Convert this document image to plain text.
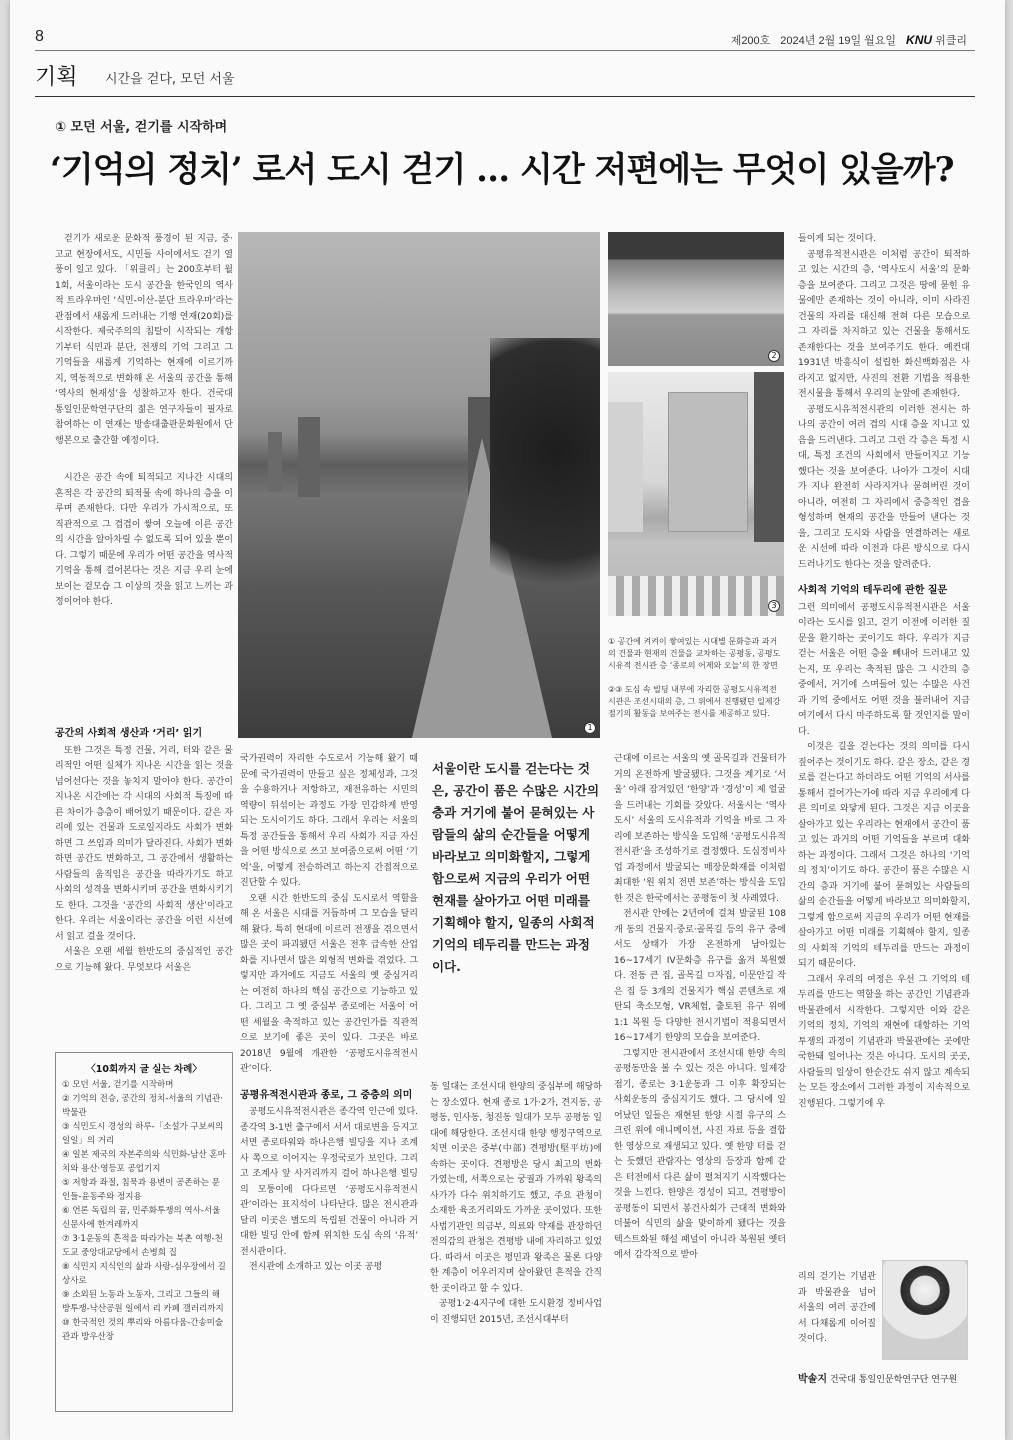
8	제200호 2024년 2월 19일 월요일 KNU 위클리
기획 시간을 걷다, 모던 서울
① 모던 서울, 걷기를 시작하며
‘기억의 정치’ 로서 도시 걷기 … 시간 저편에는 무엇이 있을까?

걷기가 새로운 문화적 풍경이 된 지금, 중·고교 현장에서도, 시민들 사이에서도 걷기 열풍이 일고 있다. 「위클리」는 200호부터 월 1회, 서울이라는 도시 공간을 한국인의 역사적 트라우마인 ‘식민-이산-분단 트라우마’라는 관점에서 새롭게 드러내는 기행 연재(20회)를 시작한다. 제국주의의 침탈이 시작되는 개항기부터 식민과 분단, 전쟁의 기억 그리고 그 기억들을 새롭게 기억하는 현재에 이르기까지, 역동적으로 변화해 온 서울의 공간을 통해 ‘역사의 현재성’을 성찰하고자 한다. 건국대 통일인문학연구단의 젊은 연구자들이 필자로 참여하는 이 연재는 방송대출판문화원에서 단행본으로 출간할 예정이다.

시간은 공간 속에 퇴적되고 지나간 시대의 흔적은 각 공간의 퇴적물 속에 하나의 층을 이루며 존재한다. 다만 우리가 가시적으로, 또 직관적으로 그 겹겹이 쌓여 오늘에 이른 공간의 시간을 알아차릴 수 없도록 되어 있을 뿐이다. 그렇기 때문에 우리가 어떤 공간을 역사적 기억을 통해 걸어본다는 것은 지금 우리 눈에 보이는 겉모습 그 이상의 것을 읽고 느끼는 과정이어야 한다.

공간의 사회적 생산과 ‘거리’ 읽기

또한 그것은 특정 건물, 거리, 터와 같은 물리적인 어떤 실체가 지나온 시간을 읽는 것을 넘어선다는 것을 놓치지 말아야 한다. 공간이 지나온 시간에는 각 시대의 사회적 특징에 따른 차이가 층층이 배어있기 때문이다. 같은 자리에 있는 건물과 도로일지라도 사회가 변화하면 그 쓰임과 의미가 달라진다. 사회가 변화하면 공간도 변화하고, 그 공간에서 생활하는 사람들의 움직임은 공간을 따라가기도 하고 사회의 성격을 변화시키며 공간을 변화시키기도 한다. 그것을 ‘공간의 사회적 생산’이라고 한다. 우리는 서울이라는 공간을 이런 시선에서 읽고 걸을 것이다.

서울은 오랜 세월 한반도의 중심적인 공간으로 기능해 왔다. 무엇보다 서울은

〈10회까지 글 실는 차례〉
① 모던 서울, 걷기를 시작하며
② 기억의 전승, 공간의 정치-서울의 기념관·박물관
③ 식민도시 경성의 하루-「소설가 구보씨의 일일」의 거리
④ 일본 제국의 자본주의와 식민화-남산 혼마치와 용산·영등포 공업기지
⑤ 저항과 좌절, 침묵과 용변이 공존하는 문인들-윤동주와 정지용
⑥ 언론 독립의 꿈, 민주화투쟁의 역사-서울신문사에 한겨레까지
⑦ 3·1운동의 흔적을 따라가는 북촌 여행-천도교 중앙대교당에서 손병희 집
⑧ 식민지 지식인의 삶과 사랑-심우장에서 길상사로
⑨ 소외된 노동과 노동자, 그리고 그들의 해방투쟁-낙산공원 일에서 리 카페 갤러리까지
⑩ 한국적인 것의 뿌리와 아름다움-간송미술관과 방우산장
1
2
3
① 공간에 켜켜이 쌓여있는 시대별 문화층과 과거의 건물과 현재의 건물을 교차하는 공평동, 공평도시유적 전시관 층 ‘종로의 어제와 오늘’의 한 장면
②③ 도심 속 빌딩 내부에 자리한 공평도시유적전시관은 조선시대의 층, 그 위에서 진행됐던 일제강점기의 활동을 보여주는 전시를 제공하고 있다.

국가권력이 자리한 수도로서 기능해 왔기 때문에 국가권력이 만들고 싶은 정체성과, 그것을 수용하거나 저항하고, 재전유하는 시민의 역량이 뒤섞이는 과정도 가장 민감하게 반영되는 도시이기도 하다. 그래서 우리는 서울의 특정 공간들을 통해서 우리 사회가 지금 자신을 어떤 방식으로 쓰고 보여줌으로써 어떤 ‘기억’을, 어떻게 전승하려고 하는지 간접적으로 진단할 수 있다.

오랜 시간 한반도의 중심 도시로서 역할을 해 온 서울은 시대를 거듭하며 그 모습을 달리해 왔다. 특히 현대에 이르러 전쟁을 겪으면서 많은 곳이 파괴됐던 서울은 전후 급속한 산업화를 지나면서 많은 외형적 변화를 겪었다. 그렇지만 과거에도 지금도 서울의 옛 중심거리는 여전히 하나의 핵심 공간으로 기능하고 있다. 그리고 그 옛 중심부 종로에는 서울이 어떤 세월을 축적하고 있는 공간인가를 직관적으로 보기에 좋은 곳이 있다. 그곳은 바로 2018년 9월에 개관한 ‘공평도시유적전시관’이다.

공평유적전시관과 종로, 그 중층의 의미

공평도시유적전시관은 종각역 인근에 있다. 종각역 3-1번 출구에서 서서 대로변을 등지고 서면 종로타워와 하나은행 빌딩을 지나 조계사 쪽으로 이어지는 우정국로가 보인다. 그리고 조계사 앞 사거리까지 걸어 하나은행 빌딩의 모퉁이에 다다르면 ‘공평도시유적전시관’이라는 표지석이 나타난다. 많은 전시관과 달리 이곳은 별도의 독립된 건물이 아니라 거대한 빌딩 안에 함께 위치한 도심 속의 ‘유적’ 전시관이다.

전시관에 소개하고 있는 이곳 공평

서울이란 도시를 걷는다는 것은, 공간이 품은 수많은 시간의 층과 거기에 붙어 묻혀있는 사람들의 삶의 순간들을 어떻게 바라보고 의미화할지, 그렇게 함으로써 지금의 우리가 어떤 현재를 살아가고 어떤 미래를 기획해야 할지, 일종의 사회적 기억의 테두리를 만드는 과정이다.

동 일대는 조선시대 한양의 중심부에 해당하는 장소였다. 현재 종로 1가·2가, 견지동, 공평동, 인사동, 청진동 일대가 모두 공평동 일대에 해당한다. 조선시대 한양 행정구역으로 치면 이곳은 중부(中部) 견평방(堅平坊)에 속하는 곳이다. 견평방은 당시 최고의 번화가였는데, 서쪽으로는 궁궐과 가까워 왕족의 사가가 다수 위치하기도 했고, 주요 관청이 소재한 육조거리와도 가까운 곳이었다. 또한 사법기관인 의금부, 의료와 약재를 관장하던 전의감의 관청은 견평방 내에 자리하고 있었다. 따라서 이곳은 평민과 왕족은 물론 다양한 계층이 어우러지며 살아왔던 흔적을 간직한 곳이라고 할 수 있다.

공평1·2·4지구에 대한 도시환경 정비사업이 진행되던 2015년, 조선시대부터

근대에 이르는 서울의 옛 골목길과 건물터가 거의 온전하게 발굴됐다. 그것을 계기로 ‘서울’ 아래 잠겨있던 ‘한양’과 ‘경성’이 제 얼굴을 드러내는 기회를 갖았다. 서울시는 ‘역사도시’ 서울의 도시유적과 기억을 바로 그 자리에 보존하는 방식을 도입해 ‘공평도시유적전시관’을 조성하기로 결정했다. 도심정비사업 과정에서 발굴되는 매장문화재를 이처럼 최대한 ‘원 위치 전면 보존’하는 방식을 도입한 것은 한국에서는 공평동이 첫 사례였다.

전시관 안에는 2년여에 걸쳐 발굴된 108개 동의 건물지·중로·골목길 등의 유구 중에서도 상태가 가장 온전하게 남아있는 16~17세기 IV문화층 유구를 옮겨 복원했다. 전동 큰 집, 골목길 ㅁ자집, 이문안길 작은 집 등 3개의 건물지가 핵심 콘텐츠로 재탄되 축소모형, VR체험, 출토된 유구 위에 1:1 복원 등 다양한 전시기법이 적용되면서 16~17세기 한양의 모습을 보여준다.

그렇지만 전시관에서 조선시대 한양 속의 공평동만을 볼 수 있는 것은 아니다. 일제강점기, 종로는 3·1운동과 그 이후 확장되는 사회운동의 중심지기도 했다. 그 당시에 일어났던 일들은 재현된 한양 시절 유구의 스크린 위에 애니메이션, 사진 자료 등을 결합한 영상으로 재생되고 있다. 옛 한양 터를 걷는 듯했던 관람자는 영상의 등장과 함께 같은 터전에서 다른 삶이 펼쳐지기 시작했다는 것을 느낀다. 한양은 경성이 되고, 견평방이 공평동이 되면서 봉건사회가 근대적 변화와 더불어 식민의 삶을 맞이하게 됐다는 것을 텍스트화된 해설 패널이 아니라 복원된 옛터에서 감각적으로 받아

들이게 되는 것이다.

공평유적전시관은 이처럼 공간이 퇴적하고 있는 시간의 층, ‘역사도시 서울’의 문화층을 보여준다. 그리고 그것은 땅에 묻힌 유물에만 존재하는 것이 아니라, 이미 사라진 건물의 자리를 대신해 전혀 다른 모습으로 그 자리를 차지하고 있는 건물을 통해서도 존재한다는 것을 보여주기도 한다. 예컨대 1931년 박흥식이 설립한 화신백화점은 사라지고 없지만, 사진의 전환 기법을 적용한 전시물을 통해서 우리의 눈앞에 존재한다.

공평도시유적전시관의 이러한 전시는 하나의 공간이 여러 겹의 시대 층을 지니고 있음을 드러낸다. 그리고 그런 각 층은 특정 시대, 특정 조건의 사회에서 만들어지고 기능했다는 것을 보여준다. 나아가 그것이 시대가 지나 완전히 사라지거나 묻혀버린 것이 아니라, 여전히 그 자리에서 중층적인 겹을 형성하며 현재의 공간을 만들어 낸다는 것을, 그리고 도시와 사람을 연결하려는 새로운 시선에 따라 이전과 다른 방식으로 다시 드러나기도 한다는 것을 알려준다.

사회적 기억의 테두리에 관한 질문

그런 의미에서 공평도시유적전시관은 서울이라는 도시를 읽고, 걷기 이전에 이러한 질문을 환기하는 곳이기도 하다. 우리가 지금 걷는 서울은 어떤 층을 빼내어 드러내고 있는지, 또 우리는 축적된 많은 그 시간의 층 중에서, 거기에 스며들어 있는 수많은 사건과 기억 중에서도 어떤 것을 불러내어 지금 여기에서 다시 마주하도록 할 것인지를 말이다.

이것은 길을 걷는다는 것의 의미를 다시 짚어주는 것이기도 하다. 같은 장소, 같은 경로를 걷는다고 하더라도 어떤 기억의 서사를 통해서 걸어가는가에 따라 지금 우리에게 다른 의미로 와닿게 된다. 그것은 지금 이곳을 살아가고 있는 우리라는 현재에서 공간이 품고 있는 과거의 어떤 기억들을 부르며 대화하는 과정이다. 그래서 그것은 하나의 ‘기억의 정치’이기도 하다. 공간이 품은 수많은 시간의 층과 거기에 붙어 묻혀있는 사람들의 삶의 순간들을 어떻게 바라보고 의미화할지, 그렇게 함으로써 지금의 우리가 어떤 현재를 살아가고 어떤 미래를 기획해야 할지, 일종의 사회적 기억의 테두리를 만드는 과정이 되기 때문이다.

그래서 우리의 여정은 우선 그 기억의 테두리를 만드는 역할을 하는 공간인 기념관과 박물관에서 시작한다. 그렇지만 이와 같은 기억의 정치, 기억의 재현에 대항하는 기억투쟁의 과정이 기념관과 박물관에는 곳에만 국한돼 일어나는 것은 아니다. 도시의 곳곳, 사람들의 일상이 한순간도 쉬지 않고 계속되는 모든 장소에서 그러한 과정이 지속적으로 진행된다. 그렇기에 우

리의 걷기는 기념관과 박물관을 넘어 서울의 여러 공간에서 다채롭게 이어질 것이다.

박솔지 건국대 통일인문학연구단 연구원
